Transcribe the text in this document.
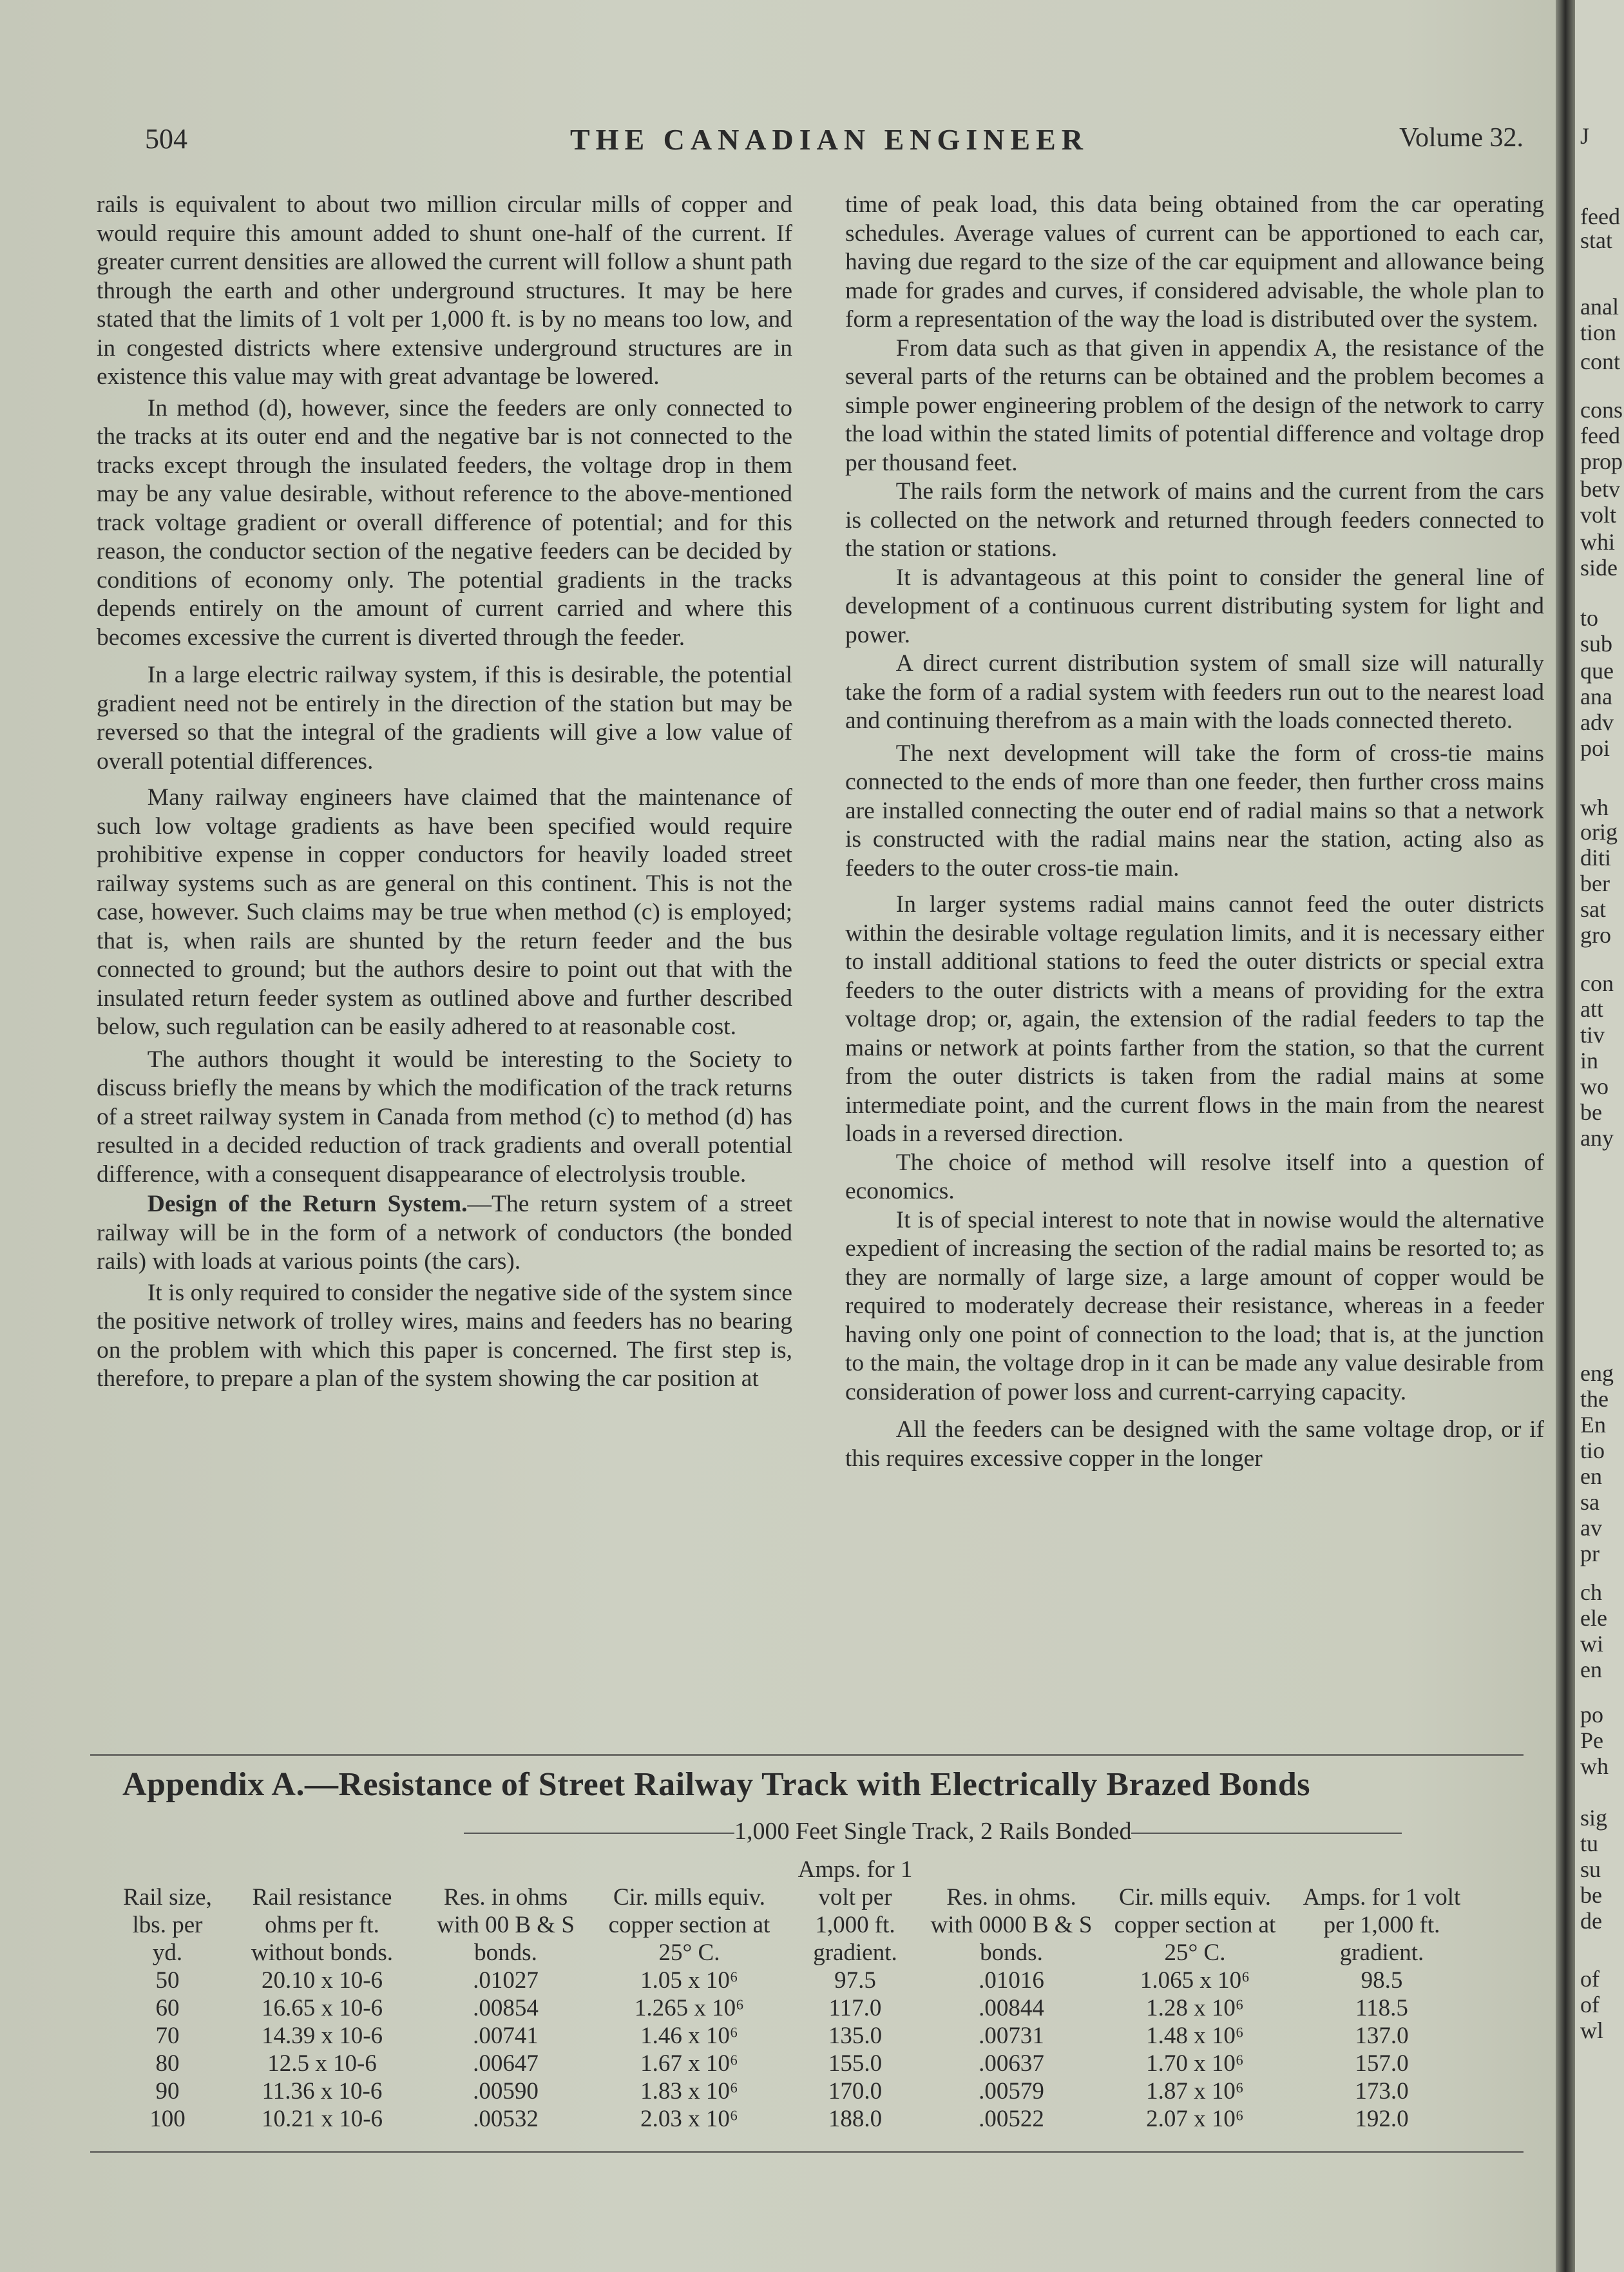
504	THE CANADIAN ENGINEER	Volume 32.

rails is equivalent to about two million circular mills of copper and would require this amount added to shunt one-half of the current. If greater current densities are allowed the current will follow a shunt path through the earth and other underground structures. It may be here stated that the limits of 1 volt per 1,000 ft. is by no means too low, and in congested districts where extensive underground structures are in existence this value may with great advantage be lowered.

In method (d), however, since the feeders are only connected to the tracks at its outer end and the negative bar is not connected to the tracks except through the insulated feeders, the voltage drop in them may be any value desirable, without reference to the above-mentioned track voltage gradient or overall difference of potential; and for this reason, the conductor section of the negative feeders can be decided by conditions of economy only. The potential gradients in the tracks depends entirely on the amount of current carried and where this becomes excessive the current is diverted through the feeder.

In a large electric railway system, if this is desirable, the potential gradient need not be entirely in the direction of the station but may be reversed so that the integral of the gradients will give a low value of overall potential differences.

Many railway engineers have claimed that the maintenance of such low voltage gradients as have been specified would require prohibitive expense in copper conductors for heavily loaded street railway systems such as are general on this continent. This is not the case, however. Such claims may be true when method (c) is employed; that is, when rails are shunted by the return feeder and the bus connected to ground; but the authors desire to point out that with the insulated return feeder system as outlined above and further described below, such regulation can be easily adhered to at reasonable cost.

The authors thought it would be interesting to the Society to discuss briefly the means by which the modification of the track returns of a street railway system in Canada from method (c) to method (d) has resulted in a decided reduction of track gradients and overall potential difference, with a consequent disappearance of electrolysis trouble.

Design of the Return System.—The return system of a street railway will be in the form of a network of conductors (the bonded rails) with loads at various points (the cars).

It is only required to consider the negative side of the system since the positive network of trolley wires, mains and feeders has no bearing on the problem with which this paper is concerned. The first step is, therefore, to prepare a plan of the system showing the car position at

time of peak load, this data being obtained from the car operating schedules. Average values of current can be apportioned to each car, having due regard to the size of the car equipment and allowance being made for grades and curves, if considered advisable, the whole plan to form a representation of the way the load is distributed over the system.

From data such as that given in appendix A, the resistance of the several parts of the returns can be obtained and the problem becomes a simple power engineering problem of the design of the network to carry the load within the stated limits of potential difference and voltage drop per thousand feet.

The rails form the network of mains and the current from the cars is collected on the network and returned through feeders connected to the station or stations.

It is advantageous at this point to consider the general line of development of a continuous current distributing system for light and power.

A direct current distribution system of small size will naturally take the form of a radial system with feeders run out to the nearest load and continuing therefrom as a main with the loads connected thereto.

The next development will take the form of cross-tie mains connected to the ends of more than one feeder, then further cross mains are installed connecting the outer end of radial mains so that a network is constructed with the radial mains near the station, acting also as feeders to the outer cross-tie main.

In larger systems radial mains cannot feed the outer districts within the desirable voltage regulation limits, and it is necessary either to install additional stations to feed the outer districts or special extra feeders to the outer districts with a means of providing for the extra voltage drop; or, again, the extension of the radial feeders to tap the mains or network at points farther from the station, so that the current from the outer districts is taken from the radial mains at some intermediate point, and the current flows in the main from the nearest loads in a reversed direction.

The choice of method will resolve itself into a question of economics.

It is of special interest to note that in nowise would the alternative expedient of increasing the section of the radial mains be resorted to; as they are normally of large size, a large amount of copper would be required to moderately decrease their resistance, whereas in a feeder having only one point of connection to the load; that is, at the junction to the main, the voltage drop in it can be made any value desirable from consideration of power loss and current-carrying capacity.

All the feeders can be designed with the same voltage drop, or if this requires excessive copper in the longer

Appendix A.—Resistance of Street Railway Track with Electrically Brazed Bonds
1,000 Feet Single Track, 2 Rails Bonded
Rail size, lbs. per yd.	Rail resistance ohms per ft. without bonds.	Res. in ohms with 00 B & S bonds.	Cir. mills equiv. copper section at 25° C.	Amps. for 1 volt per 1,000 ft. gradient.	Res. in ohms. with 0000 B & S bonds.	Cir. mills equiv. copper section at 25° C.	Amps. for 1 volt per 1,000 ft. gradient.
50	20.10 x 10-6	.01027	1.05 x 10⁶	97.5	.01016	1.065 x 10⁶	98.5
60	16.65 x 10-6	.00854	1.265 x 10⁶	117.0	.00844	1.28 x 10⁶	118.5
70	14.39 x 10-6	.00741	1.46 x 10⁶	135.0	.00731	1.48 x 10⁶	137.0
80	12.5 x 10-6	.00647	1.67 x 10⁶	155.0	.00637	1.70 x 10⁶	157.0
90	11.36 x 10-6	.00590	1.83 x 10⁶	170.0	.00579	1.87 x 10⁶	173.0
100	10.21 x 10-6	.00532	2.03 x 10⁶	188.0	.00522	2.07 x 10⁶	192.0
J
feed
stat
anal
tion
cont
cons
feed
prop
betv
volt
whi
side
to
sub
que
ana
adv
poi
wh
orig
diti
ber
sat
gro
con
att
tiv
in
wo
be
any
eng
the
En
tio
en
sa
av
pr
ch
ele
wi
en
po
Pe
wh
sig
tu
su
be
de
of
of
wl
